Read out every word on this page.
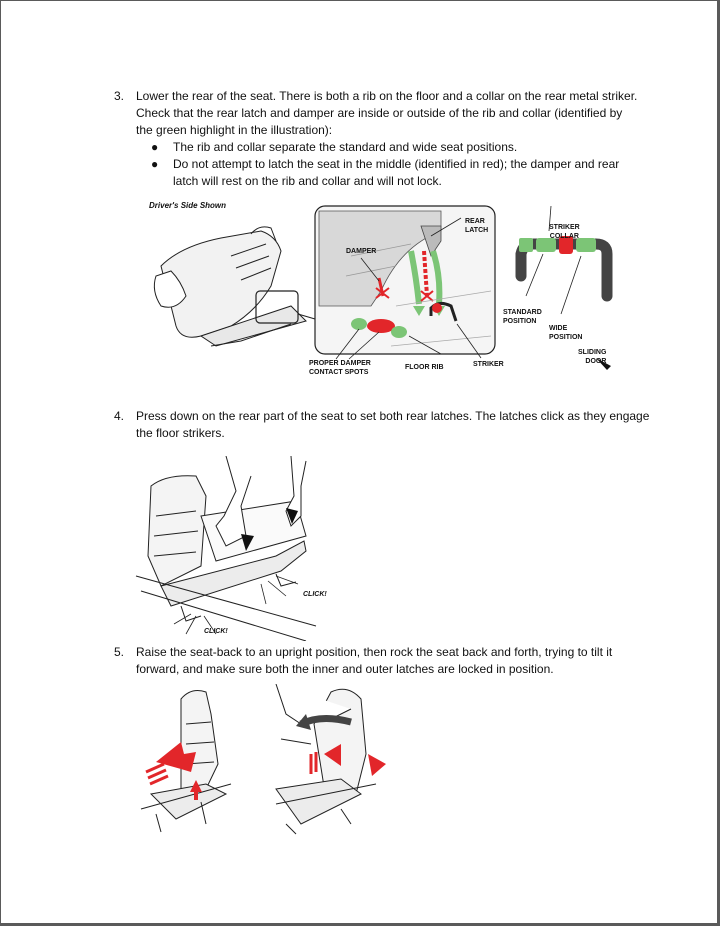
3. Lower the rear of the seat. There is both a rib on the floor and a collar on the rear metal striker.
Check that the rear latch and damper are inside or outside of the rib and collar (identified by
the green highlight in the illustration):
● The rib and collar separate the standard and wide seat positions.
● Do not attempt to latch the seat in the middle (identified in red); the damper and rear
latch will rest on the rib and collar and will not lock.
Driver's Side Shown
DAMPER
REAR
LATCH	STRIKER
COLLAR
STANDARD
POSITION
WIDE
POSITION
SLIDING
DOOR
PROPER DAMPER
CONTACT SPOTS
FLOOR RIB	STRIKER
4. Press down on the rear part of the seat to set both rear latches. The latches click as they engage
the floor strikers.
CLICK!
CLICK!
5. Raise the seat-back to an upright position, then rock the seat back and forth, trying to tilt it
forward, and make sure both the inner and outer latches are locked in position.
